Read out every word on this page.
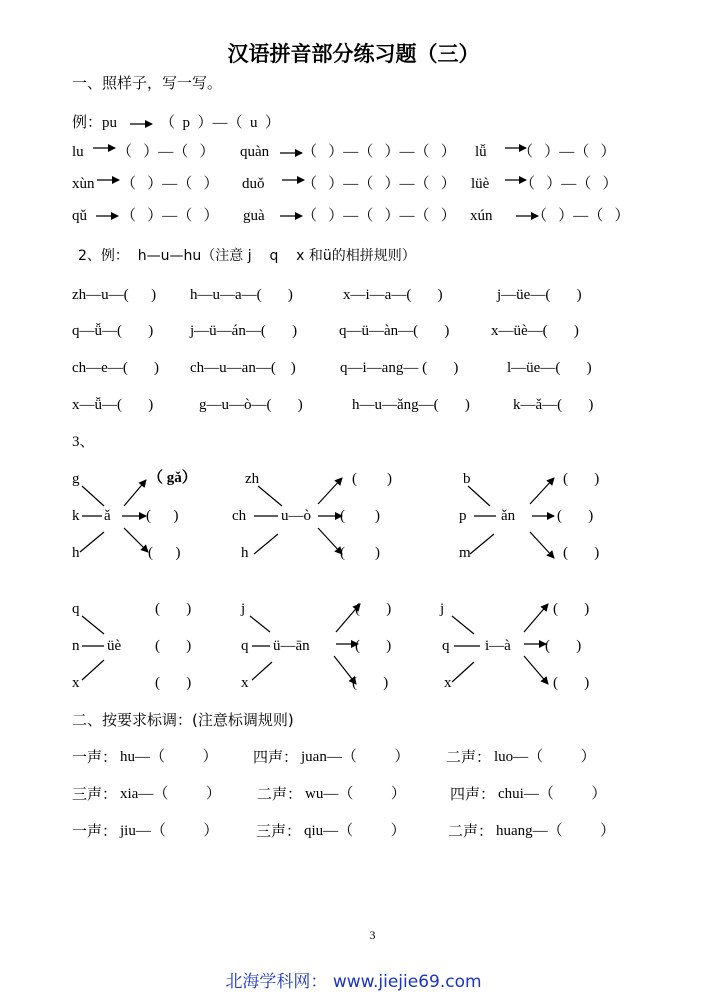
汉语拼音部分练习题（三）
一、照样子，写一写。
例：pu	（  p  ）—（  u  ）
lu （   ）—（   ） quàn （   ）—（   ）—（   ） lǚ （   ）—（   ）
xùn （   ）—（   ） duǒ	（   ）—（   ）—（   ） lüè （   ）—（   ）
qǔ （   ）—（   ） guà （   ）—（   ）—（   ） xún	（   ）—（   ）
2、例：  h—u—hu（注意 j    q    x 和ü的相拼规则）
zh—u—(      ) h—u—a—(       )	x—i—a—(       )	j—üe—(       )
q—ǚ—(       ) j—ü—án—(       )	q—ü—àn—(       )	x—üè—(       )
ch—e—(       ) ch—u—an—(    )	q—i—ang— (       )	l—üe—(       )
x—ǚ—(       )	g—u—ò—(       )	h—u—ǎng—(       )	k—ǎ—(       )
3、
g
k
h
ǎ
（ gǎ）
(      )
(      )
zh
ch
h
u—ò
(        )
(        )
(        )
b
p
m
ǎn
(       )
(       )
(       )
q
n
x
üè
(       )
(       )
(       )
j
q
x
ü—ān
(       )
(       )
(       )
j
q
x
i—à
(       )
(       )
(       )
二、按要求标调：(注意标调规则)
一声： hu—（          ） 四声： juan—（          ） 二声： luo—（          ）
三声： xia—（          ） 二声： wu—（          ）	四声： chui—（          ）
一声： jiu—（          ）	三声： qiu—（          ）	二声： huang—（          ）
3
北海学科网： www.jiejie69.com
